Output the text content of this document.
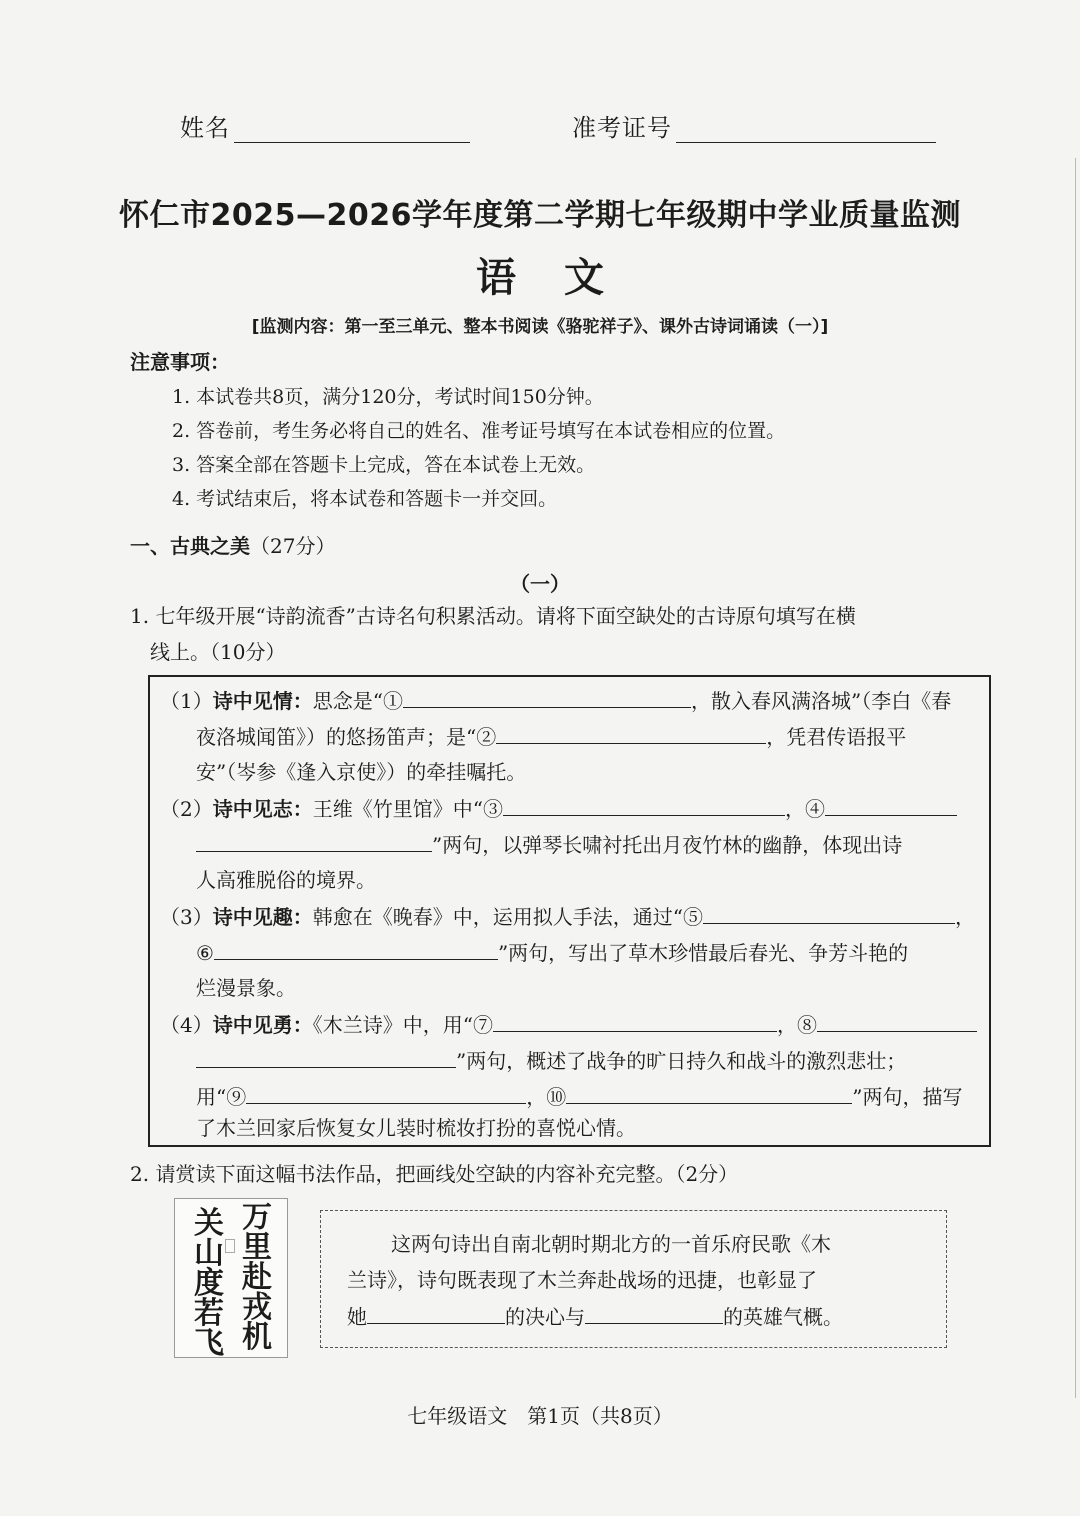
姓名	准考证号
怀仁市2025—2026学年度第二学期七年级期中学业质量监测
语文
[监测内容：第一至三单元、整本书阅读《骆驼祥子》、课外古诗词诵读（一）]
注意事项：
1. 本试卷共8页，满分120分，考试时间150分钟。
2. 答卷前，考生务必将自己的姓名、准考证号填写在本试卷相应的位置。
3. 答案全部在答题卡上完成，答在本试卷上无效。
4. 考试结束后，将本试卷和答题卡一并交回。
一、古典之美（27分）
（一）
1. 七年级开展“诗韵流香”古诗名句积累活动。请将下面空缺处的古诗原句填写在横
线上。（10分）
（1）诗中见情：思念是“①	，散入春风满洛城”（李白《春
夜洛城闻笛》）的悠扬笛声；是“②	，凭君传语报平
安”（岑参《逢入京使》）的牵挂嘱托。
（2）诗中见志：王维《竹里馆》中“③	，④
”两句，以弹琴长啸衬托出月夜竹林的幽静，体现出诗
人高雅脱俗的境界。
（3）诗中见趣：韩愈在《晚春》中，运用拟人手法，通过“⑤	，
⑥	”两句，写出了草木珍惜最后春光、争芳斗艳的
烂漫景象。
（4）诗中见勇：《木兰诗》中，用“⑦	，⑧
”两句，概述了战争的旷日持久和战斗的激烈悲壮；
用“⑨	，⑩	”两句，描写
了木兰回家后恢复女儿装时梳妆打扮的喜悦心情。
2. 请赏读下面这幅书法作品，把画线处空缺的内容补充完整。（2分）
万
里
赴
戎
机
关
山
度
若
飞
这两句诗出自南北朝时期北方的一首乐府民歌《木
兰诗》，诗句既表现了木兰奔赴战场的迅捷，也彰显了
她	的决心与	的英雄气概。
七年级语文　第1页（共8页）
